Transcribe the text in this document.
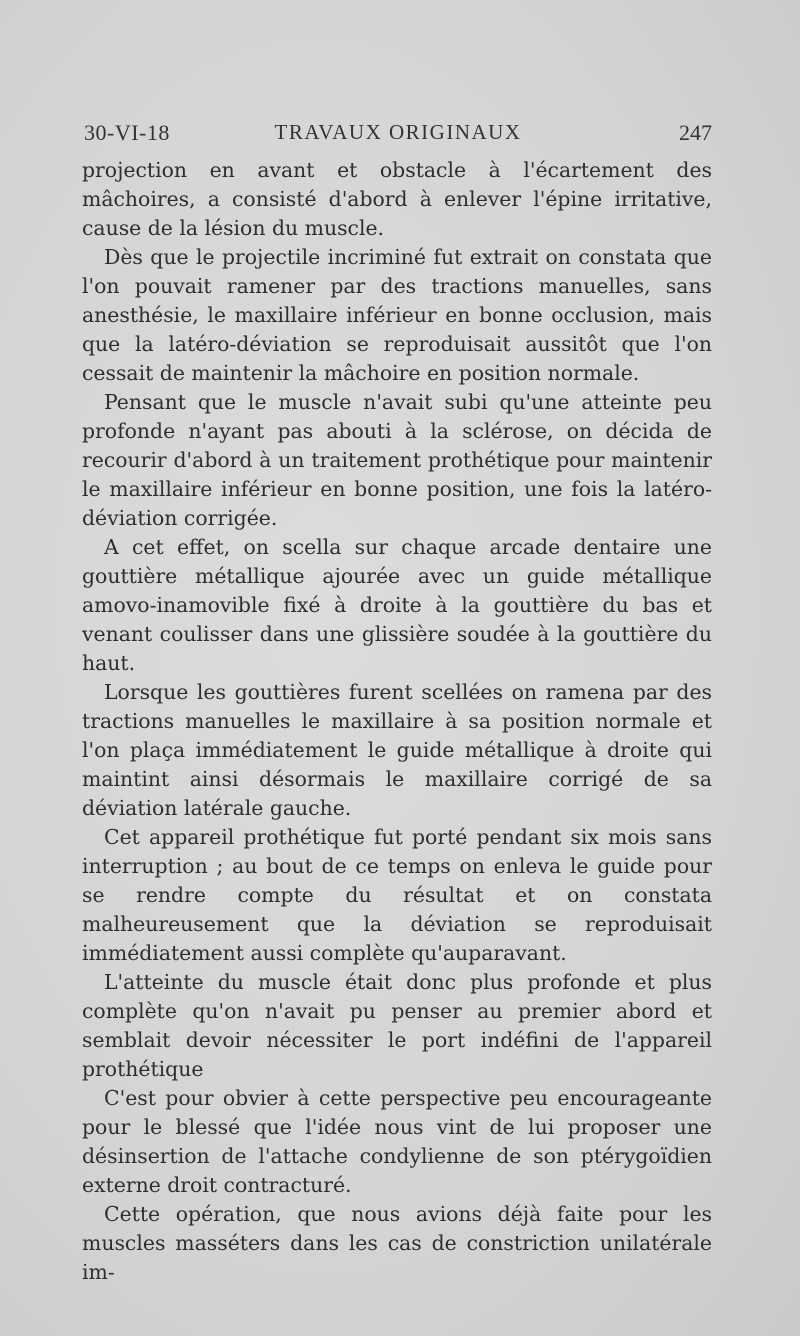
30-VI-18	TRAVAUX ORIGINAUX	247

projection en avant et obstacle à l'écartement des mâchoires, a consisté d'abord à enlever l'épine irritative, cause de la lésion du muscle.

Dès que le projectile incriminé fut extrait on constata que l'on pouvait ramener par des tractions manuelles, sans anesthésie, le maxillaire inférieur en bonne occlusion, mais que la latéro-déviation se reproduisait aussitôt que l'on cessait de maintenir la mâchoire en position normale.

Pensant que le muscle n'avait subi qu'une atteinte peu profonde n'ayant pas abouti à la sclérose, on décida de recourir d'abord à un traitement prothétique pour maintenir le maxillaire inférieur en bonne position, une fois la latéro-déviation corrigée.

A cet effet, on scella sur chaque arcade dentaire une gouttière métallique ajourée avec un guide métallique amovo-inamovible fixé à droite à la gouttière du bas et venant coulisser dans une glissière soudée à la gouttière du haut.

Lorsque les gouttières furent scellées on ramena par des tractions manuelles le maxillaire à sa position normale et l'on plaça immédiatement le guide métallique à droite qui maintint ainsi désormais le maxillaire corrigé de sa déviation latérale gauche.

Cet appareil prothétique fut porté pendant six mois sans interruption ; au bout de ce temps on enleva le guide pour se rendre compte du résultat et on constata malheureusement que la déviation se reproduisait immédiatement aussi complète qu'auparavant.

L'atteinte du muscle était donc plus profonde et plus complète qu'on n'avait pu penser au premier abord et semblait devoir nécessiter le port indéfini de l'appareil prothétique

C'est pour obvier à cette perspective peu encourageante pour le blessé que l'idée nous vint de lui proposer une désinsertion de l'attache condylienne de son ptérygoïdien externe droit contracturé.

Cette opération, que nous avions déjà faite pour les muscles masséters dans les cas de constriction unilatérale im-
